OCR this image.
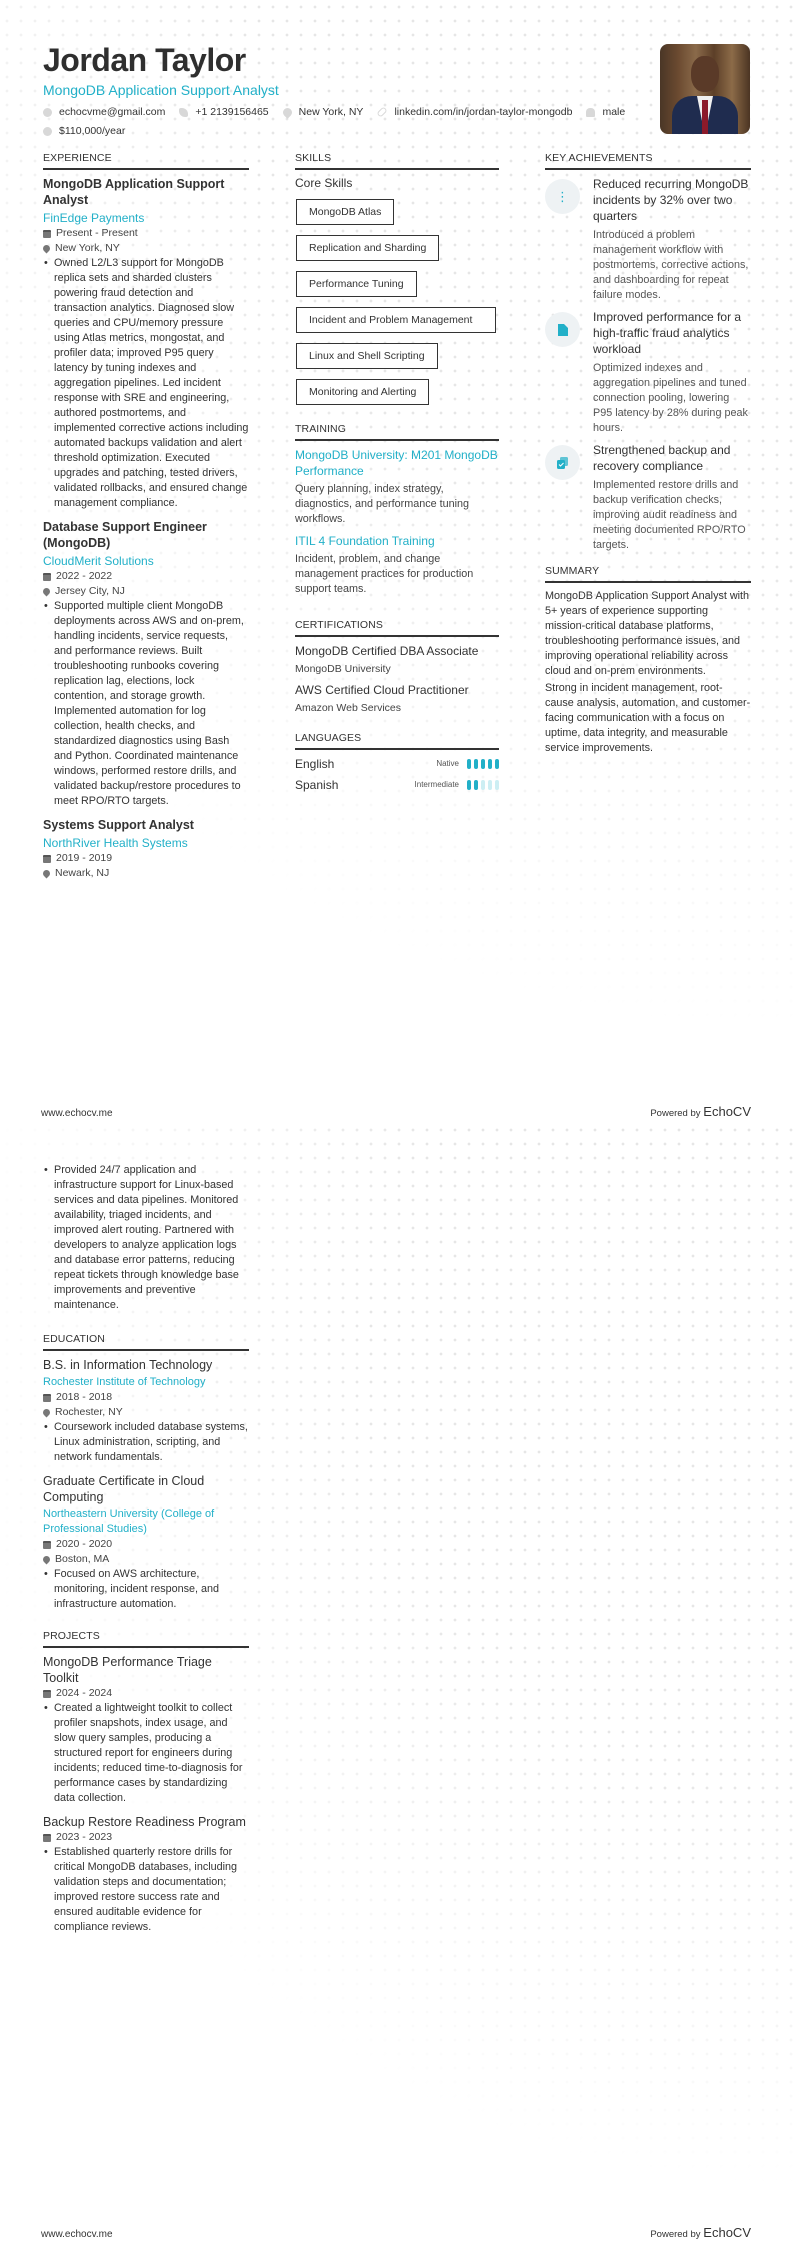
Jordan Taylor
MongoDB Application Support Analyst
echocvme@gmail.com	+1 2139156465	New York, NY	linkedin.com/in/jordan-taylor-mongodb	male
$110,000/year
EXPERIENCE
MongoDB Application Support Analyst
FinEdge Payments
Present - Present
New York, NY
• Owned L2/L3 support for MongoDB replica sets and sharded clusters powering fraud detection and transaction analytics. Diagnosed slow queries and CPU/memory pressure using Atlas metrics, mongostat, and profiler data; improved P95 query latency by tuning indexes and aggregation pipelines. Led incident response with SRE and engineering, authored postmortems, and implemented corrective actions including automated backups validation and alert threshold optimization. Executed upgrades and patching, tested drivers, validated rollbacks, and ensured change management compliance.
Database Support Engineer (MongoDB)
CloudMerit Solutions
2022 - 2022
Jersey City, NJ
• Supported multiple client MongoDB deployments across AWS and on-prem, handling incidents, service requests, and performance reviews. Built troubleshooting runbooks covering replication lag, elections, lock contention, and storage growth. Implemented automation for log collection, health checks, and standardized diagnostics using Bash and Python. Coordinated maintenance windows, performed restore drills, and validated backup/restore procedures to meet RPO/RTO targets.
Systems Support Analyst
NorthRiver Health Systems
2019 - 2019
Newark, NJ
SKILLS
Core Skills
MongoDB Atlas
Replication and Sharding
Performance Tuning
Incident and Problem Management
Linux and Shell Scripting
Monitoring and Alerting
TRAINING
MongoDB University: M201 MongoDB Performance
Query planning, index strategy, diagnostics, and performance tuning workflows.
ITIL 4 Foundation Training
Incident, problem, and change management practices for production support teams.
CERTIFICATIONS
MongoDB Certified DBA Associate
MongoDB University
AWS Certified Cloud Practitioner
Amazon Web Services
LANGUAGES
English	Native
Spanish	Intermediate
KEY ACHIEVEMENTS
⋮
Reduced recurring MongoDB incidents by 32% over two quarters
Introduced a problem management workflow with postmortems, corrective actions, and dashboarding for repeat failure modes.
Improved performance for a high-traffic fraud analytics workload
Optimized indexes and aggregation pipelines and tuned connection pooling, lowering P95 latency by 28% during peak hours.
Strengthened backup and recovery compliance
Implemented restore drills and backup verification checks, improving audit readiness and meeting documented RPO/RTO targets.
SUMMARY

MongoDB Application Support Analyst with 5+ years of experience supporting mission-critical database platforms, troubleshooting performance issues, and improving operational reliability across cloud and on-prem environments.

Strong in incident management, root-cause analysis, automation, and customer-facing communication with a focus on uptime, data integrity, and measurable service improvements.

www.echocv.me	Powered by EchoCV
• Provided 24/7 application and infrastructure support for Linux-based services and data pipelines. Monitored availability, triaged incidents, and improved alert routing. Partnered with developers to analyze application logs and database error patterns, reducing repeat tickets through knowledge base improvements and preventive maintenance.
EDUCATION
B.S. in Information Technology
Rochester Institute of Technology
2018 - 2018
Rochester, NY
• Coursework included database systems, Linux administration, scripting, and network fundamentals.
Graduate Certificate in Cloud Computing
Northeastern University (College of Professional Studies)
2020 - 2020
Boston, MA
• Focused on AWS architecture, monitoring, incident response, and infrastructure automation.
PROJECTS
MongoDB Performance Triage Toolkit
2024 - 2024
• Created a lightweight toolkit to collect profiler snapshots, index usage, and slow query samples, producing a structured report for engineers during incidents; reduced time-to-diagnosis for performance cases by standardizing data collection.
Backup Restore Readiness Program
2023 - 2023
• Established quarterly restore drills for critical MongoDB databases, including validation steps and documentation; improved restore success rate and ensured auditable evidence for compliance reviews.
www.echocv.me	Powered by EchoCV
